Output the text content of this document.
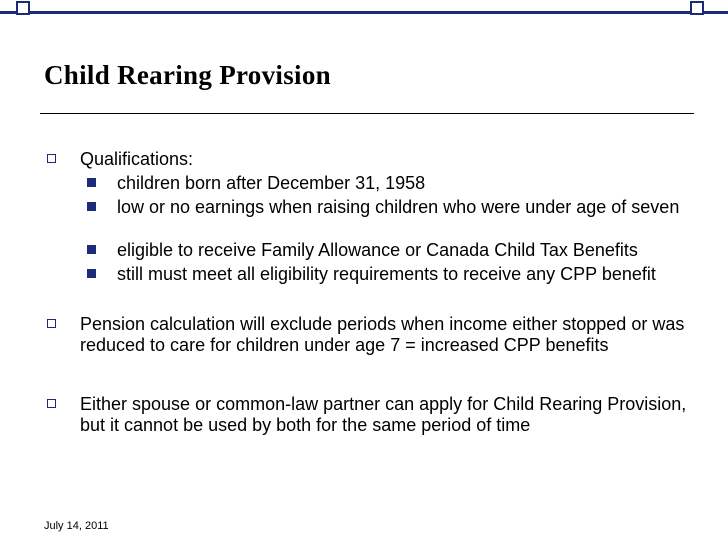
Child Rearing Provision
Qualifications:
children born after December 31, 1958
low or no earnings when raising children who were under age of seven
eligible to receive Family Allowance or Canada Child Tax Benefits
still must meet all eligibility requirements to receive any CPP benefit
Pension calculation will exclude periods when income either stopped or was reduced to care for children under age 7 = increased CPP benefits
Either spouse or common-law partner can apply for Child Rearing Provision, but it cannot be used by both for the same period of time
July 14, 2011
